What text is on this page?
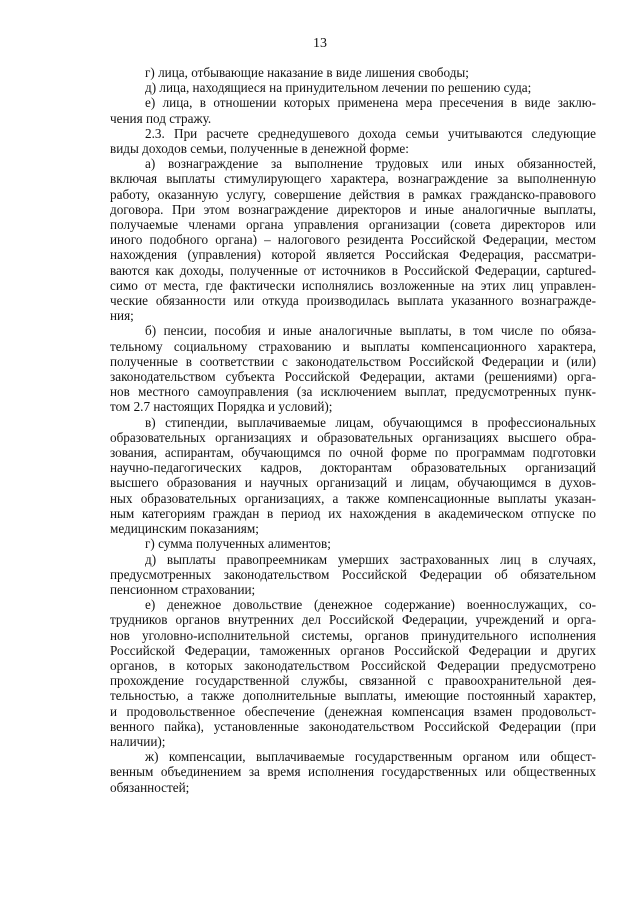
13

г) лица, отбывающие наказание в виде лишения свободы;

д) лица, находящиеся на принудительном лечении по решению суда;

е) лица, в отношении которых применена мера пресечения в виде заклю-
чения под стражу.

2.3. При расчете среднедушевого дохода семьи учитываются следующие
виды доходов семьи, полученные в денежной форме:

а) вознаграждение за выполнение трудовых или иных обязанностей,
включая выплаты стимулирующего характера, вознаграждение за выполненную
работу, оказанную услугу, совершение действия в рамках гражданско-правового
договора. При этом вознаграждение директоров и иные аналогичные выплаты,
получаемые членами органа управления организации (совета директоров или
иного подобного органа) – налогового резидента Российской Федерации, местом
нахождения (управления) которой является Российская Федерация, рассматри-
ваются как доходы, полученные от источников в Российской Федерации, captured-
симо от места, где фактически исполнялись возложенные на этих лиц управлен-
ческие обязанности или откуда производилась выплата указанного вознагражде-
ния;

б) пенсии, пособия и иные аналогичные выплаты, в том числе по обяза-
тельному социальному страхованию и выплаты компенсационного характера,
полученные в соответствии с законодательством Российской Федерации и (или)
законодательством субъекта Российской Федерации, актами (решениями) орга-
нов местного самоуправления (за исключением выплат, предусмотренных пунк-
том 2.7 настоящих Порядка и условий);

в) стипендии, выплачиваемые лицам, обучающимся в профессиональных
образовательных организациях и образовательных организациях высшего обра-
зования, аспирантам, обучающимся по очной форме по программам подготовки
научно-педагогических кадров, докторантам образовательных организаций
высшего образования и научных организаций и лицам, обучающимся в духов-
ных образовательных организациях, а также компенсационные выплаты указан-
ным категориям граждан в период их нахождения в академическом отпуске по
медицинским показаниям;

г) сумма полученных алиментов;

д) выплаты правопреемникам умерших застрахованных лиц в случаях,
предусмотренных законодательством Российской Федерации об обязательном
пенсионном страховании;

е) денежное довольствие (денежное содержание) военнослужащих, со-
трудников органов внутренних дел Российской Федерации, учреждений и орга-
нов уголовно-исполнительной системы, органов принудительного исполнения
Российской Федерации, таможенных органов Российской Федерации и других
органов, в которых законодательством Российской Федерации предусмотрено
прохождение государственной службы, связанной с правоохранительной дея-
тельностью, а также дополнительные выплаты, имеющие постоянный характер,
и продовольственное обеспечение (денежная компенсация взамен продовольст-
венного пайка), установленные законодательством Российской Федерации (при
наличии);

ж) компенсации, выплачиваемые государственным органом или общест-
венным объединением за время исполнения государственных или общественных
обязанностей;
